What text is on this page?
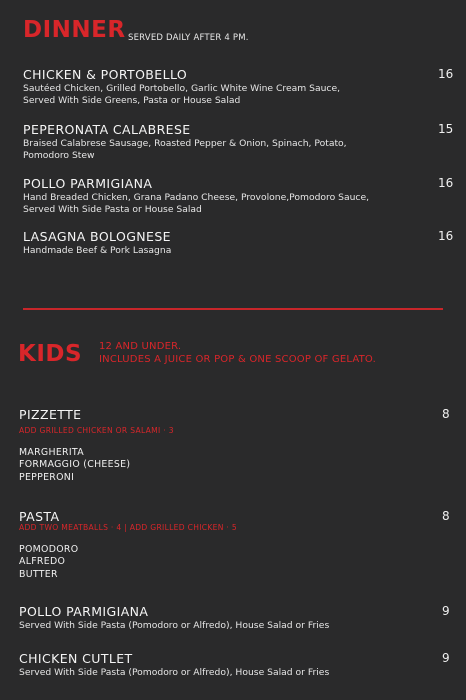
DINNER SERVED DAILY AFTER 4 PM.
CHICKEN & PORTOBELLO	16
Sautéed Chicken, Grilled Portobello, Garlic White Wine Cream Sauce,
Served With Side Greens, Pasta or House Salad
PEPERONATA CALABRESE	15
Braised Calabrese Sausage, Roasted Pepper & Onion, Spinach, Potato,
Pomodoro Stew
POLLO PARMIGIANA	16
Hand Breaded Chicken, Grana Padano Cheese, Provolone,Pomodoro Sauce,
Served With Side Pasta or House Salad
LASAGNA BOLOGNESE	16
Handmade Beef & Pork Lasagna
KIDS 12 AND UNDER.
INCLUDES A JUICE OR POP & ONE SCOOP OF GELATO.
PIZZETTE	8
ADD GRILLED CHICKEN OR SALAMI · 3
MARGHERITA
FORMAGGIO (CHEESE)
PEPPERONI
PASTA	8
ADD TWO MEATBALLS · 4 | ADD GRILLED CHICKEN · 5
POMODORO
ALFREDO
BUTTER
POLLO PARMIGIANA	9
Served With Side Pasta (Pomodoro or Alfredo), House Salad or Fries
CHICKEN CUTLET	9
Served With Side Pasta (Pomodoro or Alfredo), House Salad or Fries
